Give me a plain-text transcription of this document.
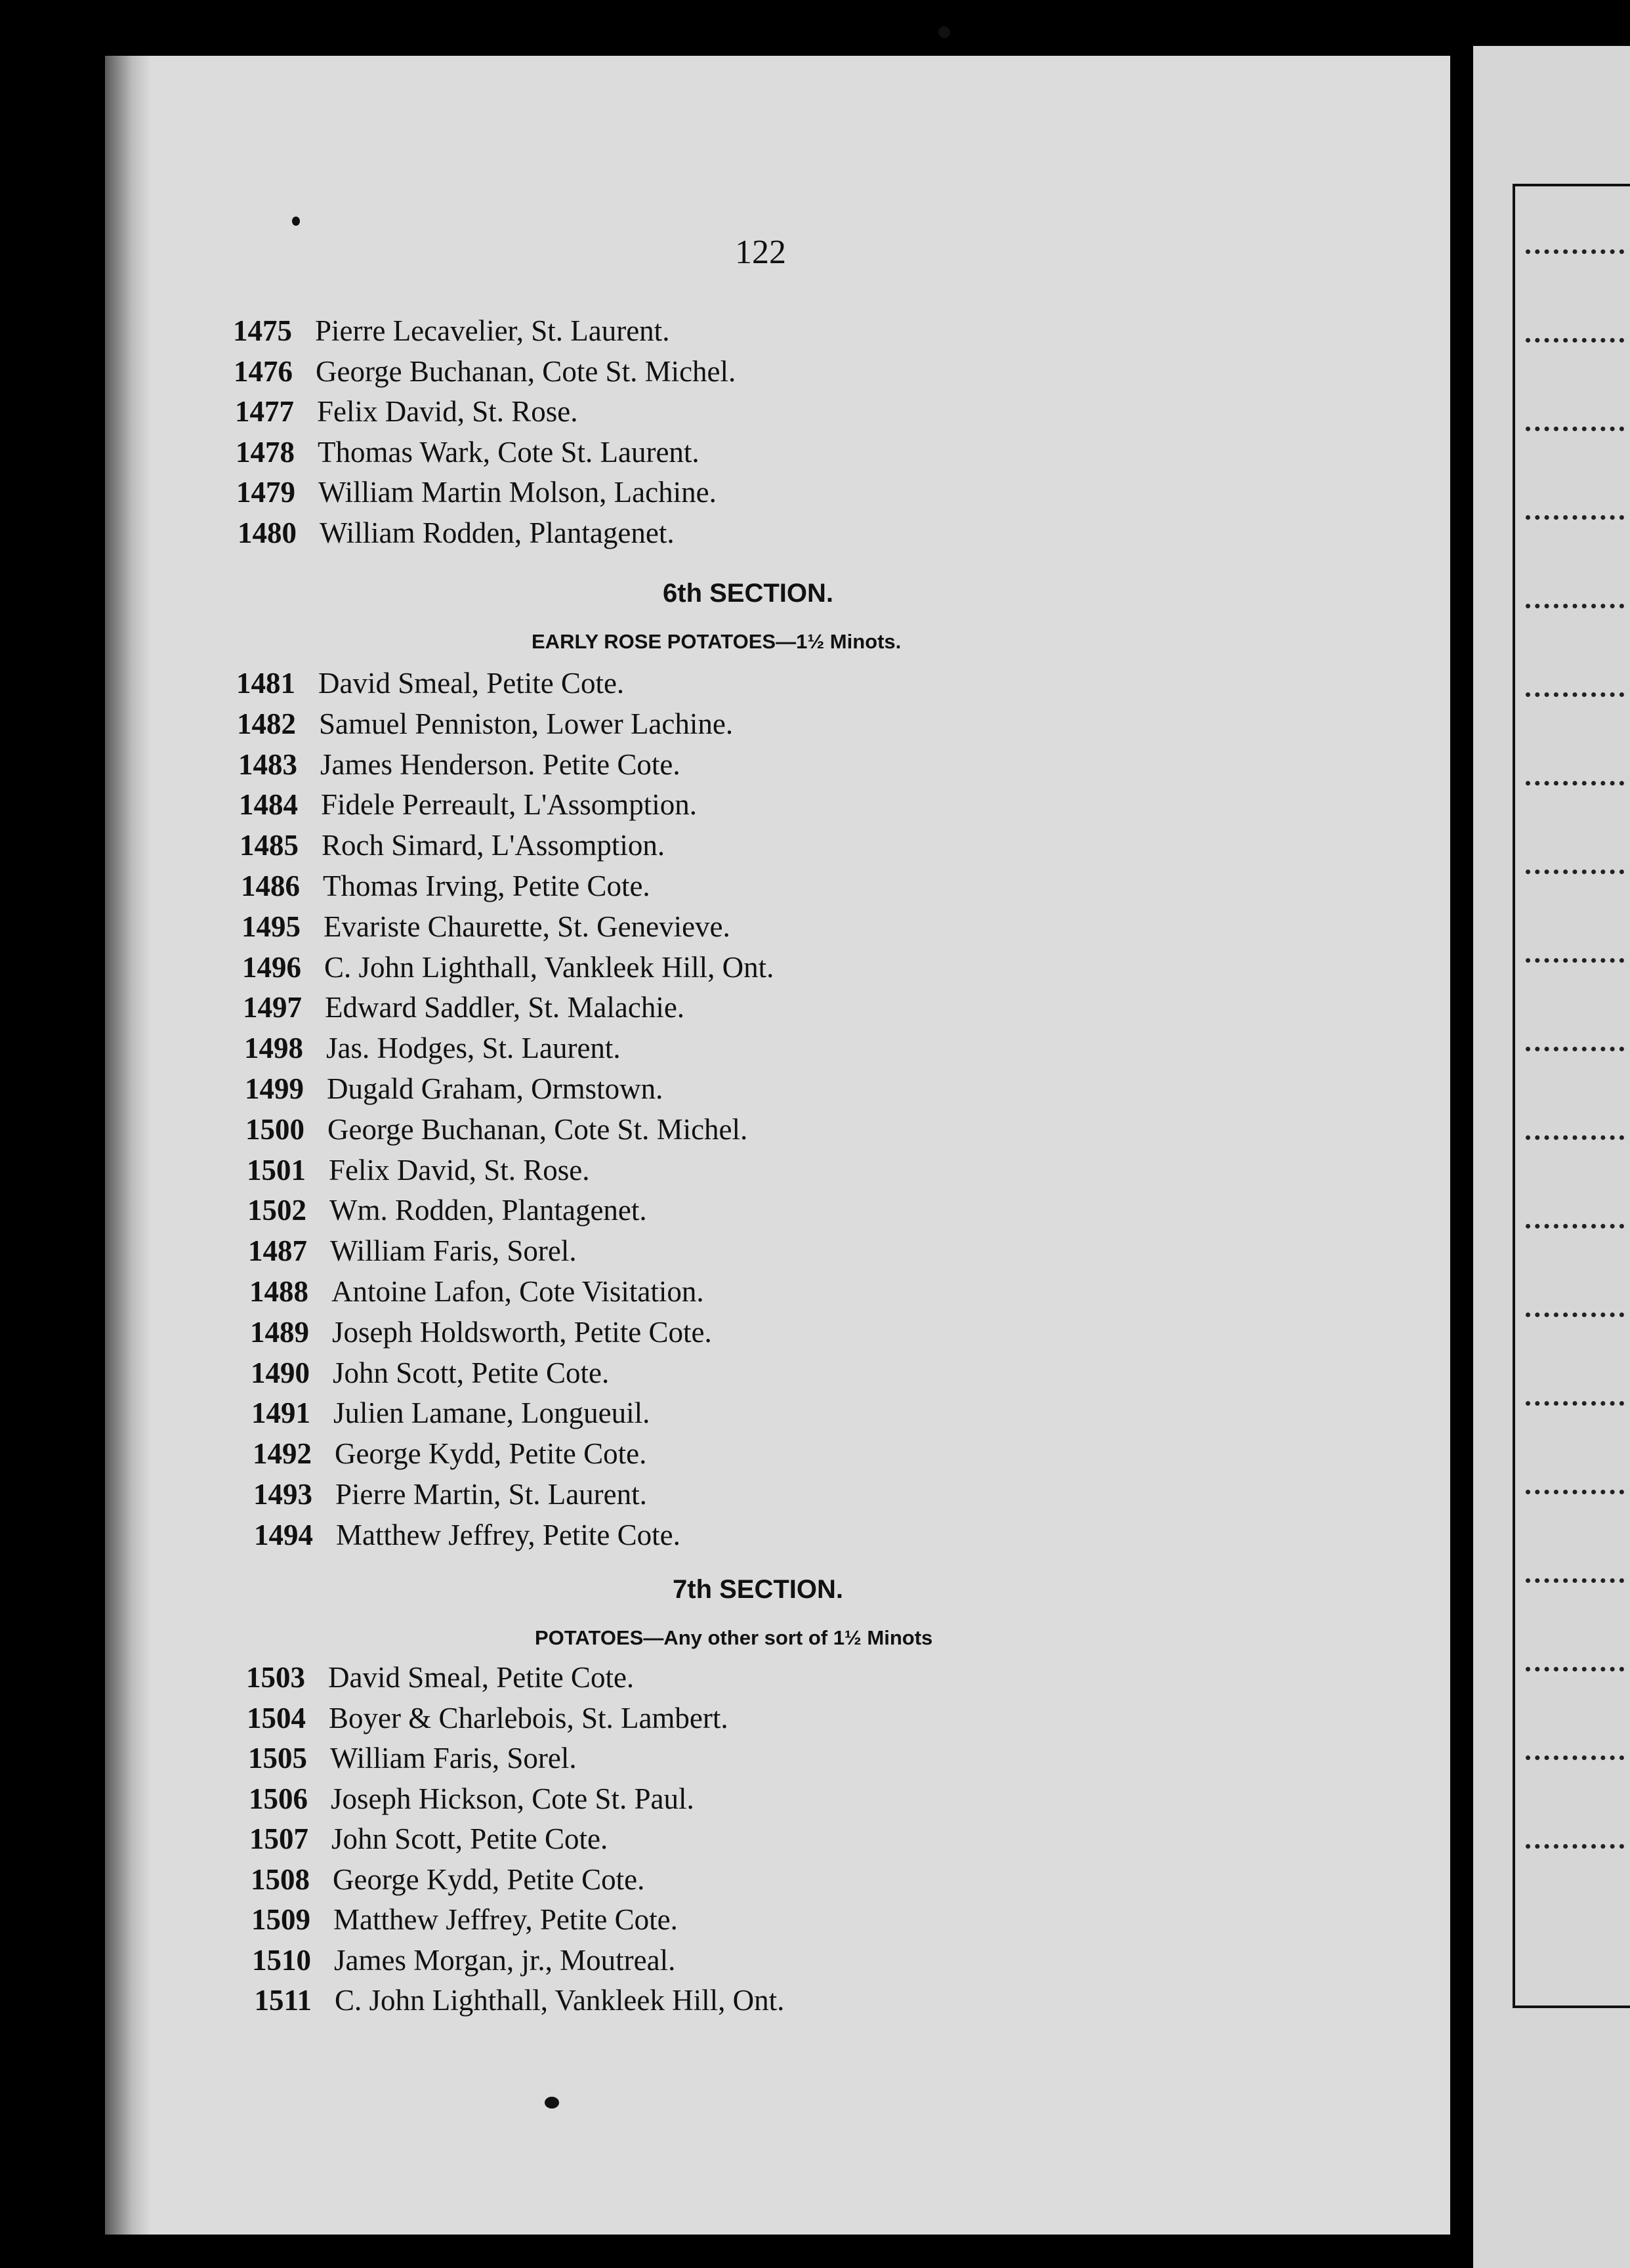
122
1475 Pierre Lecavelier, St. Laurent.
1476 George Buchanan, Cote St. Michel.
1477 Felix David, St. Rose.
1478 Thomas Wark, Cote St. Laurent.
1479 William Martin Molson, Lachine.
1480 William Rodden, Plantagenet.
6th SECTION.
EARLY ROSE POTATOES—1½ Minots.
1481 David Smeal, Petite Cote.
1482 Samuel Penniston, Lower Lachine.
1483 James Henderson. Petite Cote.
1484 Fidele Perreault, L'Assomption.
1485 Roch Simard, L'Assomption.
1486 Thomas Irving, Petite Cote.
1495 Evariste Chaurette, St. Genevieve.
1496 C. John Lighthall, Vankleek Hill, Ont.
1497 Edward Saddler, St. Malachie.
1498 Jas. Hodges, St. Laurent.
1499 Dugald Graham, Ormstown.
1500 George Buchanan, Cote St. Michel.
1501 Felix David, St. Rose.
1502 Wm. Rodden, Plantagenet.
1487 William Faris, Sorel.
1488 Antoine Lafon, Cote Visitation.
1489 Joseph Holdsworth, Petite Cote.
1490 John Scott, Petite Cote.
1491 Julien Lamane, Longueuil.
1492 George Kydd, Petite Cote.
1493 Pierre Martin, St. Laurent.
1494 Matthew Jeffrey, Petite Cote.
7th SECTION.
POTATOES—Any other sort of 1½ Minots
1503 David Smeal, Petite Cote.
1504 Boyer & Charlebois, St. Lambert.
1505 William Faris, Sorel.
1506 Joseph Hickson, Cote St. Paul.
1507 John Scott, Petite Cote.
1508 George Kydd, Petite Cote.
1509 Matthew Jeffrey, Petite Cote.
1510 James Morgan, jr., Moutreal.
1511 C. John Lighthall, Vankleek Hill, Ont.
